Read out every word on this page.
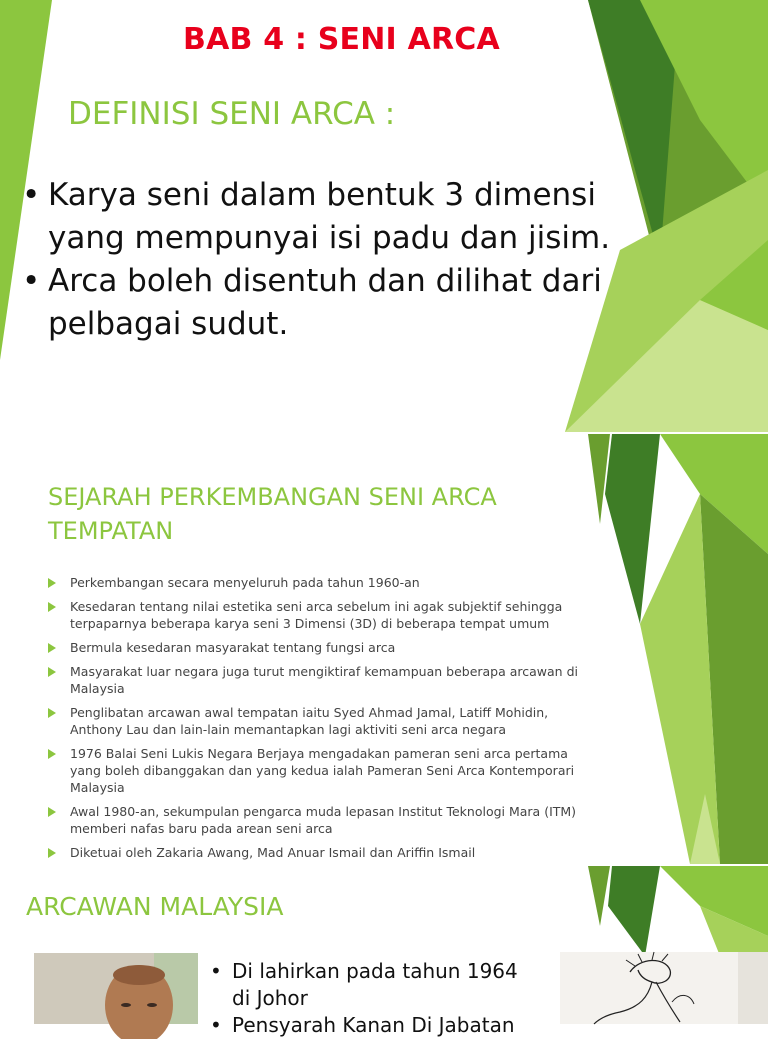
BAB 4 : SENI ARCA
DEFINISI SENI ARCA :
• Karya seni dalam bentuk 3 dimensi yang mempunyai isi padu dan jisim.
• Arca boleh disentuh dan dilihat dari pelbagai sudut.
SEJARAH PERKEMBANGAN SENI ARCA TEMPATAN
Perkembangan secara menyeluruh pada tahun 1960-an
Kesedaran tentang nilai estetika seni arca sebelum ini agak subjektif sehingga terpaparnya beberapa karya seni 3 Dimensi (3D) di beberapa tempat umum
Bermula kesedaran masyarakat tentang fungsi arca
Masyarakat luar negara juga turut mengiktiraf kemampuan beberapa arcawan di Malaysia
Penglibatan arcawan awal tempatan iaitu Syed Ahmad Jamal, Latiff Mohidin, Anthony Lau dan lain-lain memantapkan lagi aktiviti seni arca negara
1976 Balai Seni Lukis Negara Berjaya mengadakan pameran seni arca pertama yang boleh dibanggakan dan yang kedua ialah Pameran Seni Arca Kontemporari Malaysia
Awal 1980-an, sekumpulan pengarca muda lepasan Institut Teknologi Mara (ITM) memberi nafas baru pada arean seni arca
Diketuai oleh Zakaria Awang, Mad Anuar Ismail dan Ariffin Ismail
ARCAWAN MALAYSIA
• Di lahirkan pada tahun 1964 di Johor
• Pensyarah Kanan Di Jabatan
